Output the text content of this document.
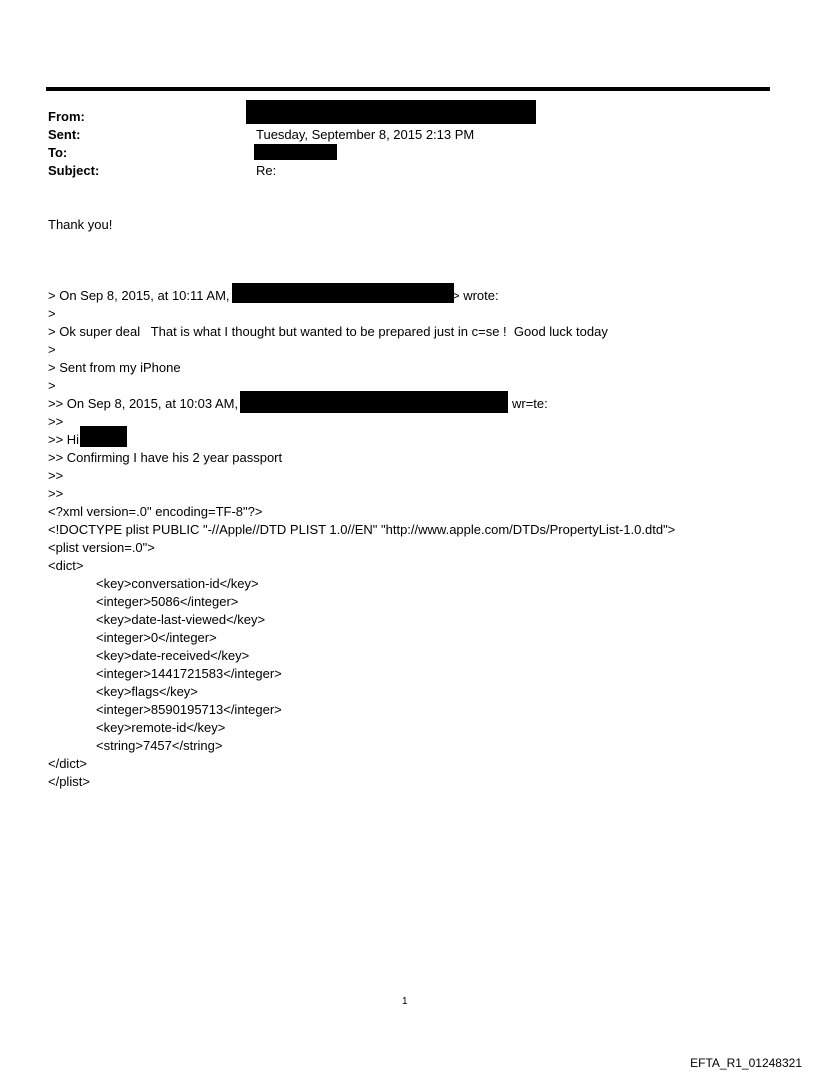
From:
Sent:	Tuesday, September 8, 2015 2:13 PM
To:
Subject:	Re:
Thank you!
> On Sep 8, 2015, at 10:11 AM,	> wrote:
>
> Ok super deal   That is what I thought but wanted to be prepared just in c=se !  Good luck today
>
> Sent from my iPhone
>
>> On Sep 8, 2015, at 10:03 AM,	wr=te:
>>
>> Hi
>> Confirming I have his 2 year passport
>>
>>
<?xml version=.0" encoding=TF-8"?>
<!DOCTYPE plist PUBLIC "-//Apple//DTD PLIST 1.0//EN" "http://www.apple.com/DTDs/PropertyList-1.0.dtd">
<plist version=.0">
<dict>
<key>conversation-id</key>
<integer>5086</integer>
<key>date-last-viewed</key>
<integer>0</integer>
<key>date-received</key>
<integer>1441721583</integer>
<key>flags</key>
<integer>8590195713</integer>
<key>remote-id</key>
<string>7457</string>
</dict>
</plist>
1
EFTA_R1_01248321
